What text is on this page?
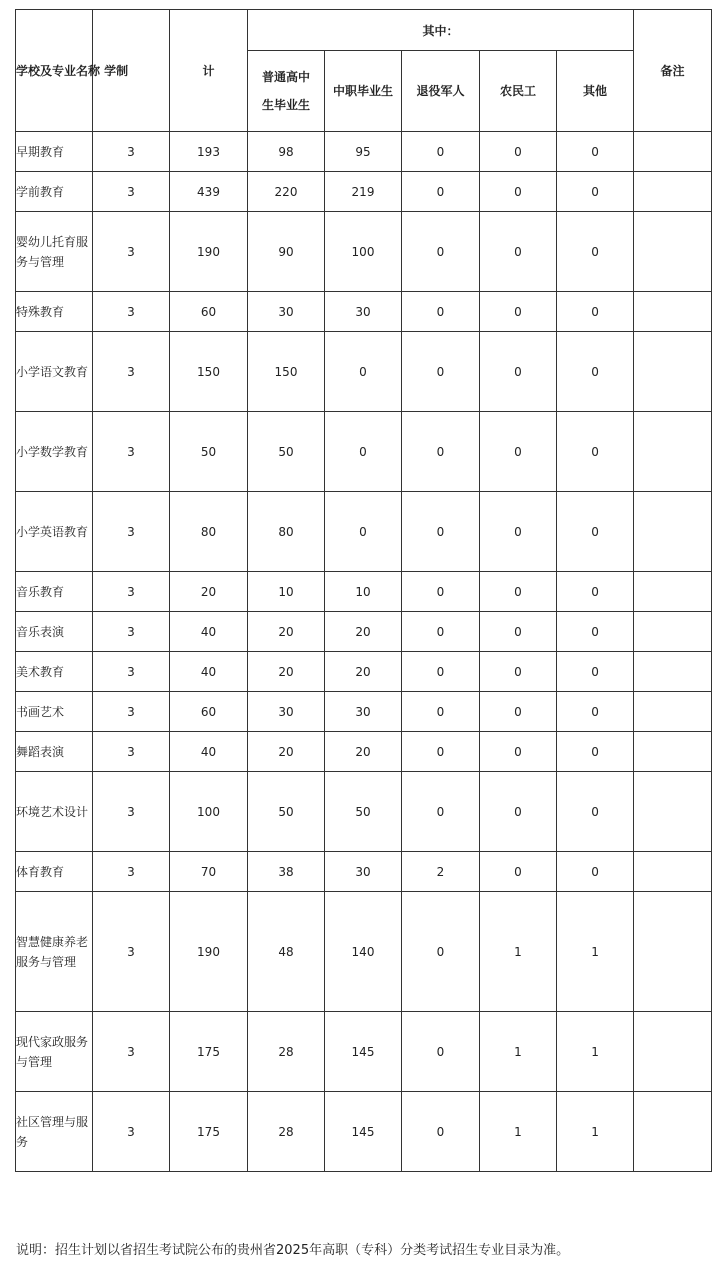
学校及专业名称 学制		计	其中：					备注

			普通高中生毕业生	中职毕业生	退役军人	农民工	其他	
早期教育	3	193	98	95	0	0	0	
学前教育	3	439	220	219	0	0	0	
婴幼儿托育服务与管理	3	190	90	100	0	0	0	
特殊教育	3	60	30	30	0	0	0	
小学语文教育	3	150	150	0	0	0	0	
小学数学教育	3	50	50	0	0	0	0	
小学英语教育	3	80	80	0	0	0	0	
音乐教育	3	20	10	10	0	0	0	
音乐表演	3	40	20	20	0	0	0	
美术教育	3	40	20	20	0	0	0	
书画艺术	3	60	30	30	0	0	0	
舞蹈表演	3	40	20	20	0	0	0	
环境艺术设计	3	100	50	50	0	0	0	
体育教育	3	70	38	30	2	0	0	
智慧健康养老服务与管理	3	190	48	140	0	1	1	
现代家政服务与管理	3	175	28	145	0	1	1	
社区管理与服务	3	175	28	145	0	1	1	
说明：招生计划以省招生考试院公布的贵州省2025年高职（专科）分类考试招生专业目录为准。
